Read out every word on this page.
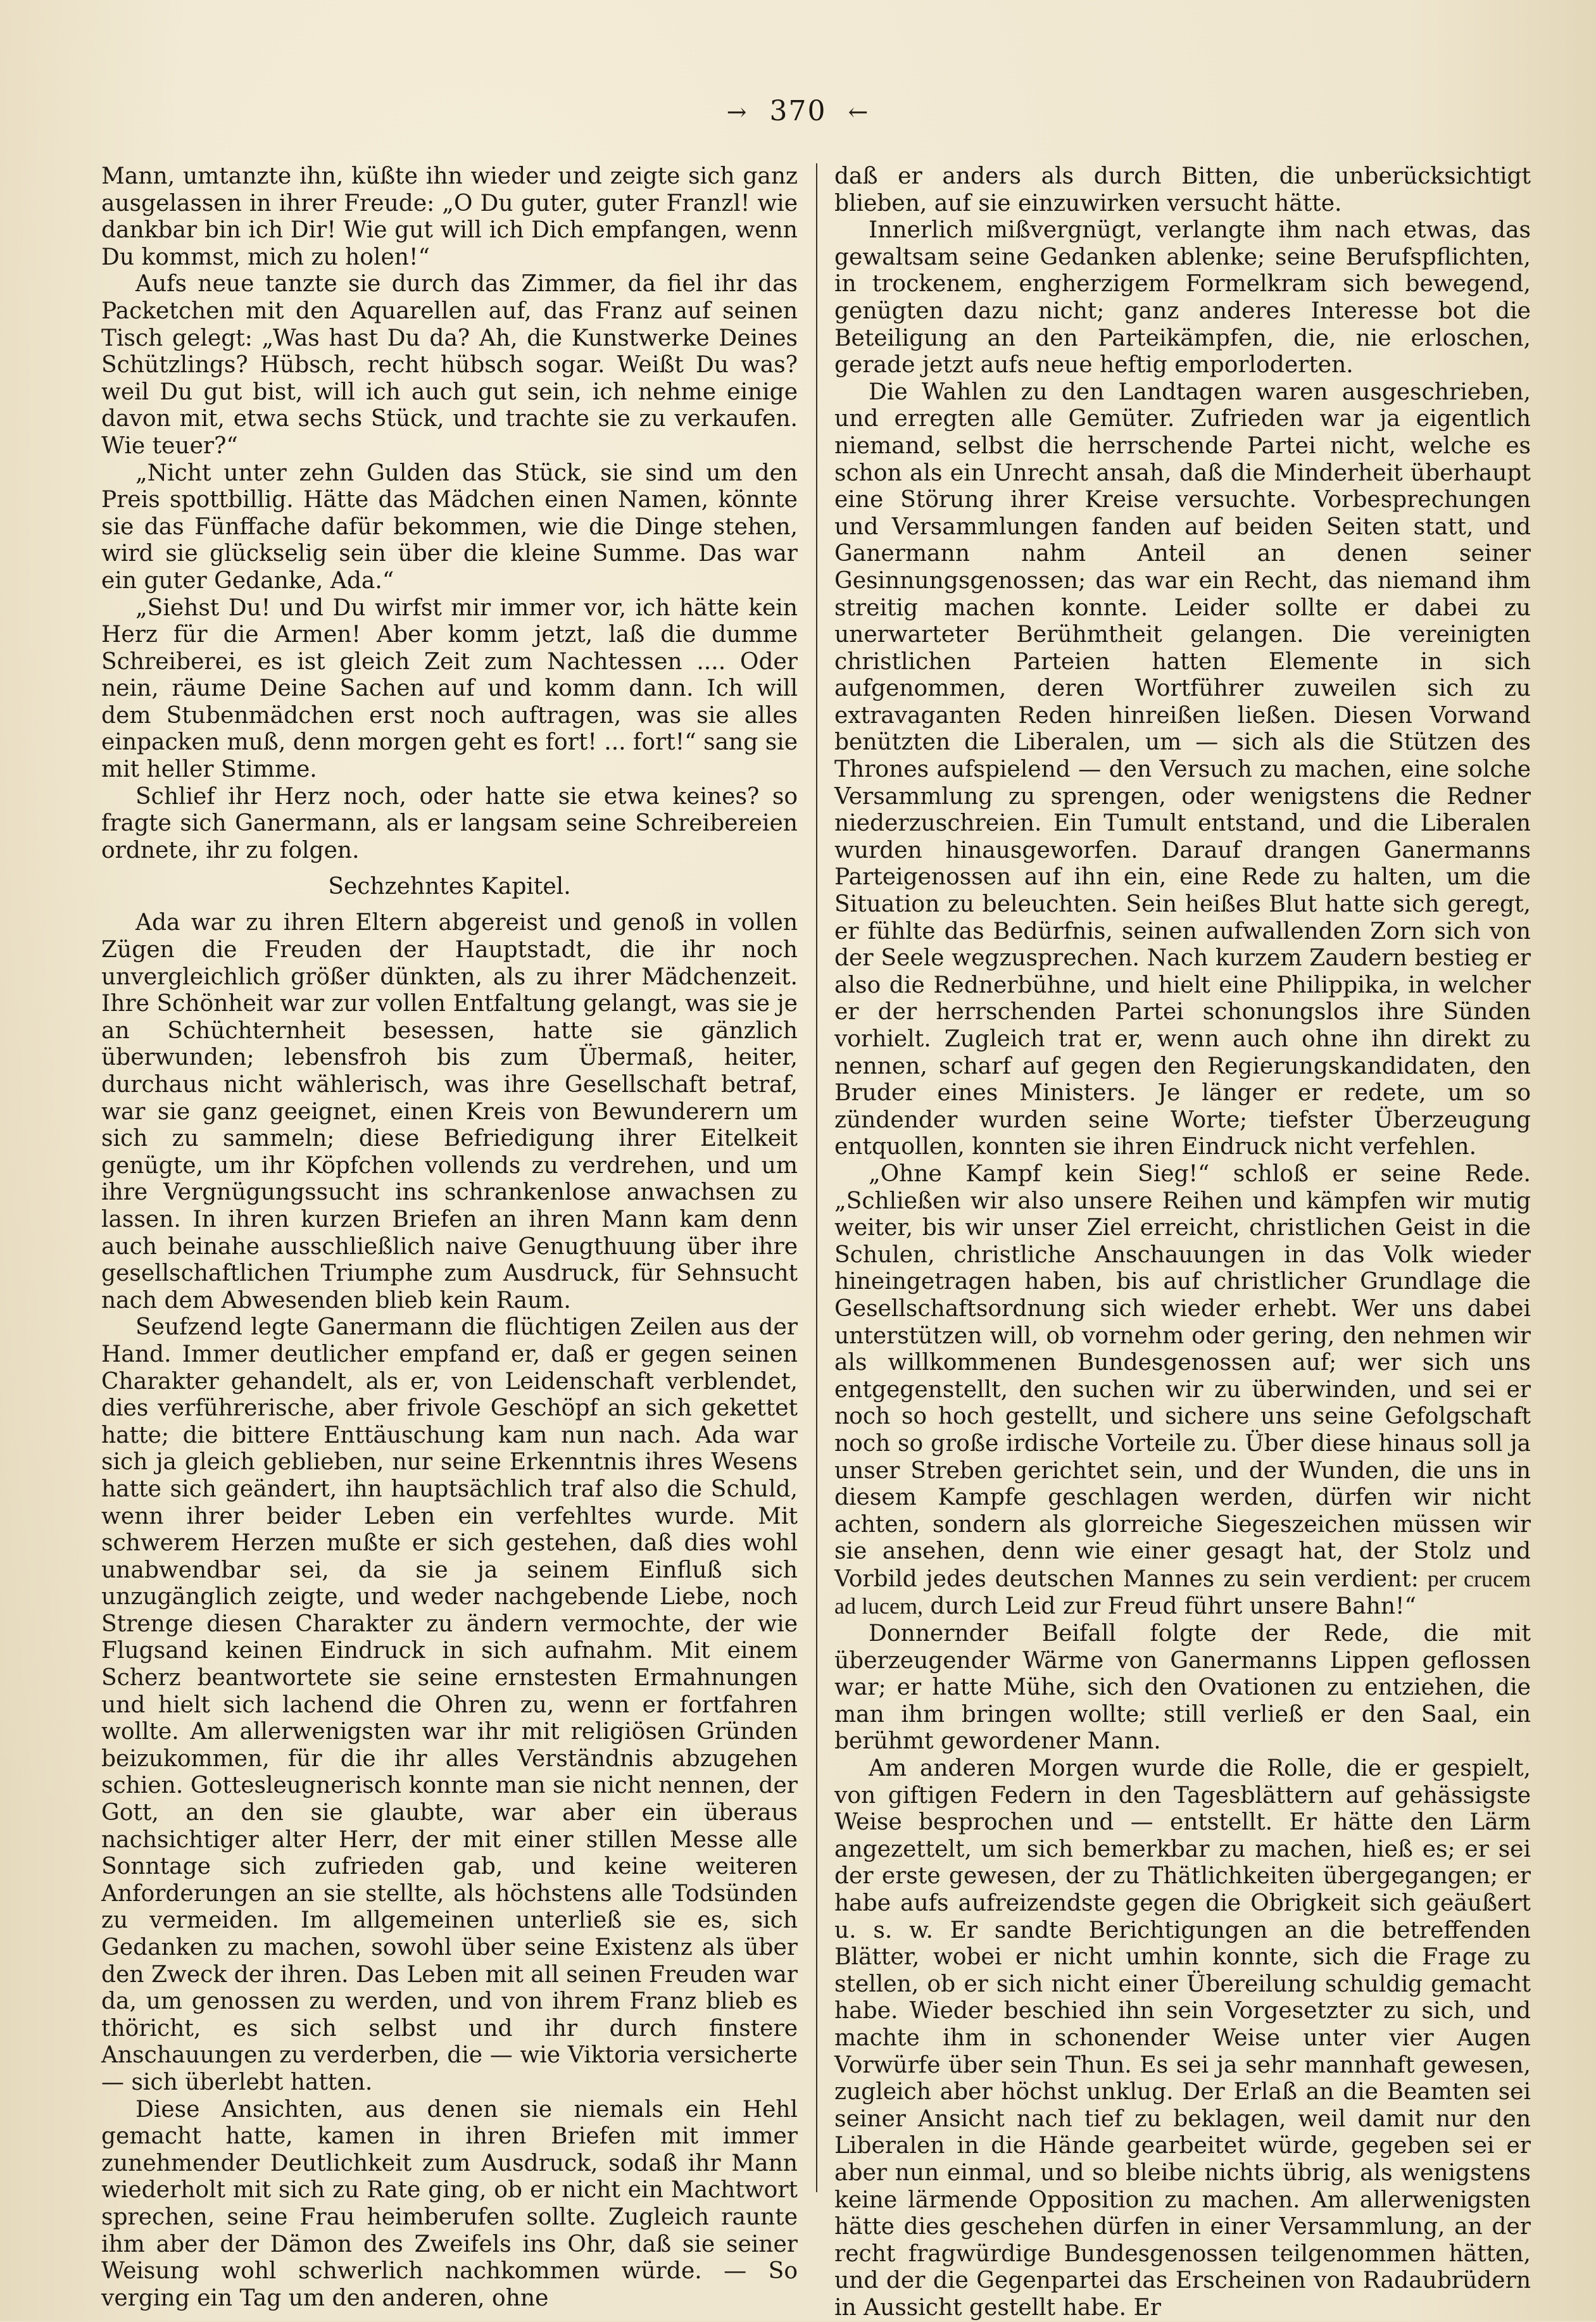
→ 370 ←

Mann, umtanzte ihn, küßte ihn wieder und zeigte sich ganz ausgelassen in ihrer Freude: „O Du guter, guter Franzl! wie dankbar bin ich Dir! Wie gut will ich Dich empfangen, wenn Du kommst, mich zu holen!“

Aufs neue tanzte sie durch das Zimmer, da fiel ihr das Packetchen mit den Aquarellen auf, das Franz auf seinen Tisch gelegt: „Was hast Du da? Ah, die Kunstwerke Deines Schützlings? Hübsch, recht hübsch sogar. Weißt Du was? weil Du gut bist, will ich auch gut sein, ich nehme einige davon mit, etwa sechs Stück, und trachte sie zu verkaufen. Wie teuer?“

„Nicht unter zehn Gulden das Stück, sie sind um den Preis spottbillig. Hätte das Mädchen einen Namen, könnte sie das Fünffache dafür bekommen, wie die Dinge stehen, wird sie glückselig sein über die kleine Summe. Das war ein guter Gedanke, Ada.“

„Siehst Du! und Du wirfst mir immer vor, ich hätte kein Herz für die Armen! Aber komm jetzt, laß die dumme Schreiberei, es ist gleich Zeit zum Nachtessen .... Oder nein, räume Deine Sachen auf und komm dann. Ich will dem Stubenmädchen erst noch auftragen, was sie alles einpacken muß, denn morgen geht es fort! ... fort!“ sang sie mit heller Stimme.

Schlief ihr Herz noch, oder hatte sie etwa keines? so fragte sich Ganermann, als er langsam seine Schreibereien ordnete, ihr zu folgen.

Sechzehntes Kapitel.

Ada war zu ihren Eltern abgereist und genoß in vollen Zügen die Freuden der Hauptstadt, die ihr noch unvergleichlich größer dünkten, als zu ihrer Mädchenzeit. Ihre Schönheit war zur vollen Entfaltung gelangt, was sie je an Schüchternheit besessen, hatte sie gänzlich überwunden; lebensfroh bis zum Übermaß, heiter, durchaus nicht wählerisch, was ihre Gesellschaft betraf, war sie ganz geeignet, einen Kreis von Bewunderern um sich zu sammeln; diese Befriedigung ihrer Eitelkeit genügte, um ihr Köpfchen vollends zu verdrehen, und um ihre Vergnügungssucht ins schrankenlose anwachsen zu lassen. In ihren kurzen Briefen an ihren Mann kam denn auch beinahe ausschließlich naive Genugthuung über ihre gesellschaftlichen Triumphe zum Ausdruck, für Sehnsucht nach dem Abwesenden blieb kein Raum.

Seufzend legte Ganermann die flüchtigen Zeilen aus der Hand. Immer deutlicher empfand er, daß er gegen seinen Charakter gehandelt, als er, von Leidenschaft verblendet, dies verführerische, aber frivole Geschöpf an sich gekettet hatte; die bittere Enttäuschung kam nun nach. Ada war sich ja gleich geblieben, nur seine Erkenntnis ihres Wesens hatte sich geändert, ihn hauptsächlich traf also die Schuld, wenn ihrer beider Leben ein verfehltes wurde. Mit schwerem Herzen mußte er sich gestehen, daß dies wohl unabwendbar sei, da sie ja seinem Einfluß sich unzugänglich zeigte, und weder nachgebende Liebe, noch Strenge diesen Charakter zu ändern vermochte, der wie Flugsand keinen Eindruck in sich aufnahm. Mit einem Scherz beantwortete sie seine ernstesten Ermahnungen und hielt sich lachend die Ohren zu, wenn er fortfahren wollte. Am allerwenigsten war ihr mit religiösen Gründen beizukommen, für die ihr alles Verständnis abzugehen schien. Gottesleugnerisch konnte man sie nicht nennen, der Gott, an den sie glaubte, war aber ein überaus nachsichtiger alter Herr, der mit einer stillen Messe alle Sonntage sich zufrieden gab, und keine weiteren Anforderungen an sie stellte, als höchstens alle Todsünden zu vermeiden. Im allgemeinen unterließ sie es, sich Gedanken zu machen, sowohl über seine Existenz als über den Zweck der ihren. Das Leben mit all seinen Freuden war da, um genossen zu werden, und von ihrem Franz blieb es thöricht, es sich selbst und ihr durch finstere Anschauungen zu verderben, die — wie Viktoria versicherte — sich überlebt hatten.

Diese Ansichten, aus denen sie niemals ein Hehl gemacht hatte, kamen in ihren Briefen mit immer zunehmender Deutlichkeit zum Ausdruck, sodaß ihr Mann wiederholt mit sich zu Rate ging, ob er nicht ein Machtwort sprechen, seine Frau heimberufen sollte. Zugleich raunte ihm aber der Dämon des Zweifels ins Ohr, daß sie seiner Weisung wohl schwerlich nachkommen würde. — So verging ein Tag um den anderen, ohne

daß er anders als durch Bitten, die unberücksichtigt blieben, auf sie einzuwirken versucht hätte.

Innerlich mißvergnügt, verlangte ihm nach etwas, das gewaltsam seine Gedanken ablenke; seine Berufspflichten, in trockenem, engherzigem Formelkram sich bewegend, genügten dazu nicht; ganz anderes Interesse bot die Beteiligung an den Parteikämpfen, die, nie erloschen, gerade jetzt aufs neue heftig emporloderten.

Die Wahlen zu den Landtagen waren ausgeschrieben, und erregten alle Gemüter. Zufrieden war ja eigentlich niemand, selbst die herrschende Partei nicht, welche es schon als ein Unrecht ansah, daß die Minderheit überhaupt eine Störung ihrer Kreise versuchte. Vorbesprechungen und Versammlungen fanden auf beiden Seiten statt, und Ganermann nahm Anteil an denen seiner Gesinnungsgenossen; das war ein Recht, das niemand ihm streitig machen konnte. Leider sollte er dabei zu unerwarteter Berühmtheit gelangen. Die vereinigten christlichen Parteien hatten Elemente in sich aufgenommen, deren Wortführer zuweilen sich zu extravaganten Reden hinreißen ließen. Diesen Vorwand benützten die Liberalen, um — sich als die Stützen des Thrones aufspielend — den Versuch zu machen, eine solche Versammlung zu sprengen, oder wenigstens die Redner niederzuschreien. Ein Tumult entstand, und die Liberalen wurden hinausgeworfen. Darauf drangen Ganermanns Parteigenossen auf ihn ein, eine Rede zu halten, um die Situation zu beleuchten. Sein heißes Blut hatte sich geregt, er fühlte das Bedürfnis, seinen aufwallenden Zorn sich von der Seele wegzusprechen. Nach kurzem Zaudern bestieg er also die Rednerbühne, und hielt eine Philippika, in welcher er der herrschenden Partei schonungslos ihre Sünden vorhielt. Zugleich trat er, wenn auch ohne ihn direkt zu nennen, scharf auf gegen den Regierungskandidaten, den Bruder eines Ministers. Je länger er redete, um so zündender wurden seine Worte; tiefster Überzeugung entquollen, konnten sie ihren Eindruck nicht verfehlen.

„Ohne Kampf kein Sieg!“ schloß er seine Rede. „Schließen wir also unsere Reihen und kämpfen wir mutig weiter, bis wir unser Ziel erreicht, christlichen Geist in die Schulen, christliche Anschauungen in das Volk wieder hineingetragen haben, bis auf christlicher Grundlage die Gesellschaftsordnung sich wieder erhebt. Wer uns dabei unterstützen will, ob vornehm oder gering, den nehmen wir als willkommenen Bundesgenossen auf; wer sich uns entgegenstellt, den suchen wir zu überwinden, und sei er noch so hoch gestellt, und sichere uns seine Gefolgschaft noch so große irdische Vorteile zu. Über diese hinaus soll ja unser Streben gerichtet sein, und der Wunden, die uns in diesem Kampfe geschlagen werden, dürfen wir nicht achten, sondern als glorreiche Siegeszeichen müssen wir sie ansehen, denn wie einer gesagt hat, der Stolz und Vorbild jedes deutschen Mannes zu sein verdient: per crucem ad lucem, durch Leid zur Freud führt unsere Bahn!“

Donnernder Beifall folgte der Rede, die mit überzeugender Wärme von Ganermanns Lippen geflossen war; er hatte Mühe, sich den Ovationen zu entziehen, die man ihm bringen wollte; still verließ er den Saal, ein berühmt gewordener Mann.

Am anderen Morgen wurde die Rolle, die er gespielt, von giftigen Federn in den Tagesblättern auf gehässigste Weise besprochen und — entstellt. Er hätte den Lärm angezettelt, um sich bemerkbar zu machen, hieß es; er sei der erste gewesen, der zu Thätlichkeiten übergegangen; er habe aufs aufreizendste gegen die Obrigkeit sich geäußert u. s. w. Er sandte Berichtigungen an die betreffenden Blätter, wobei er nicht umhin konnte, sich die Frage zu stellen, ob er sich nicht einer Übereilung schuldig gemacht habe. Wieder beschied ihn sein Vorgesetzter zu sich, und machte ihm in schonender Weise unter vier Augen Vorwürfe über sein Thun. Es sei ja sehr mannhaft gewesen, zugleich aber höchst unklug. Der Erlaß an die Beamten sei seiner Ansicht nach tief zu beklagen, weil damit nur den Liberalen in die Hände gearbeitet würde, gegeben sei er aber nun einmal, und so bleibe nichts übrig, als wenigstens keine lärmende Opposition zu machen. Am allerwenigsten hätte dies geschehen dürfen in einer Versammlung, an der recht fragwürdige Bundesgenossen teilgenommen hätten, und der die Gegenpartei das Erscheinen von Radaubrüdern in Aussicht gestellt habe. Er
